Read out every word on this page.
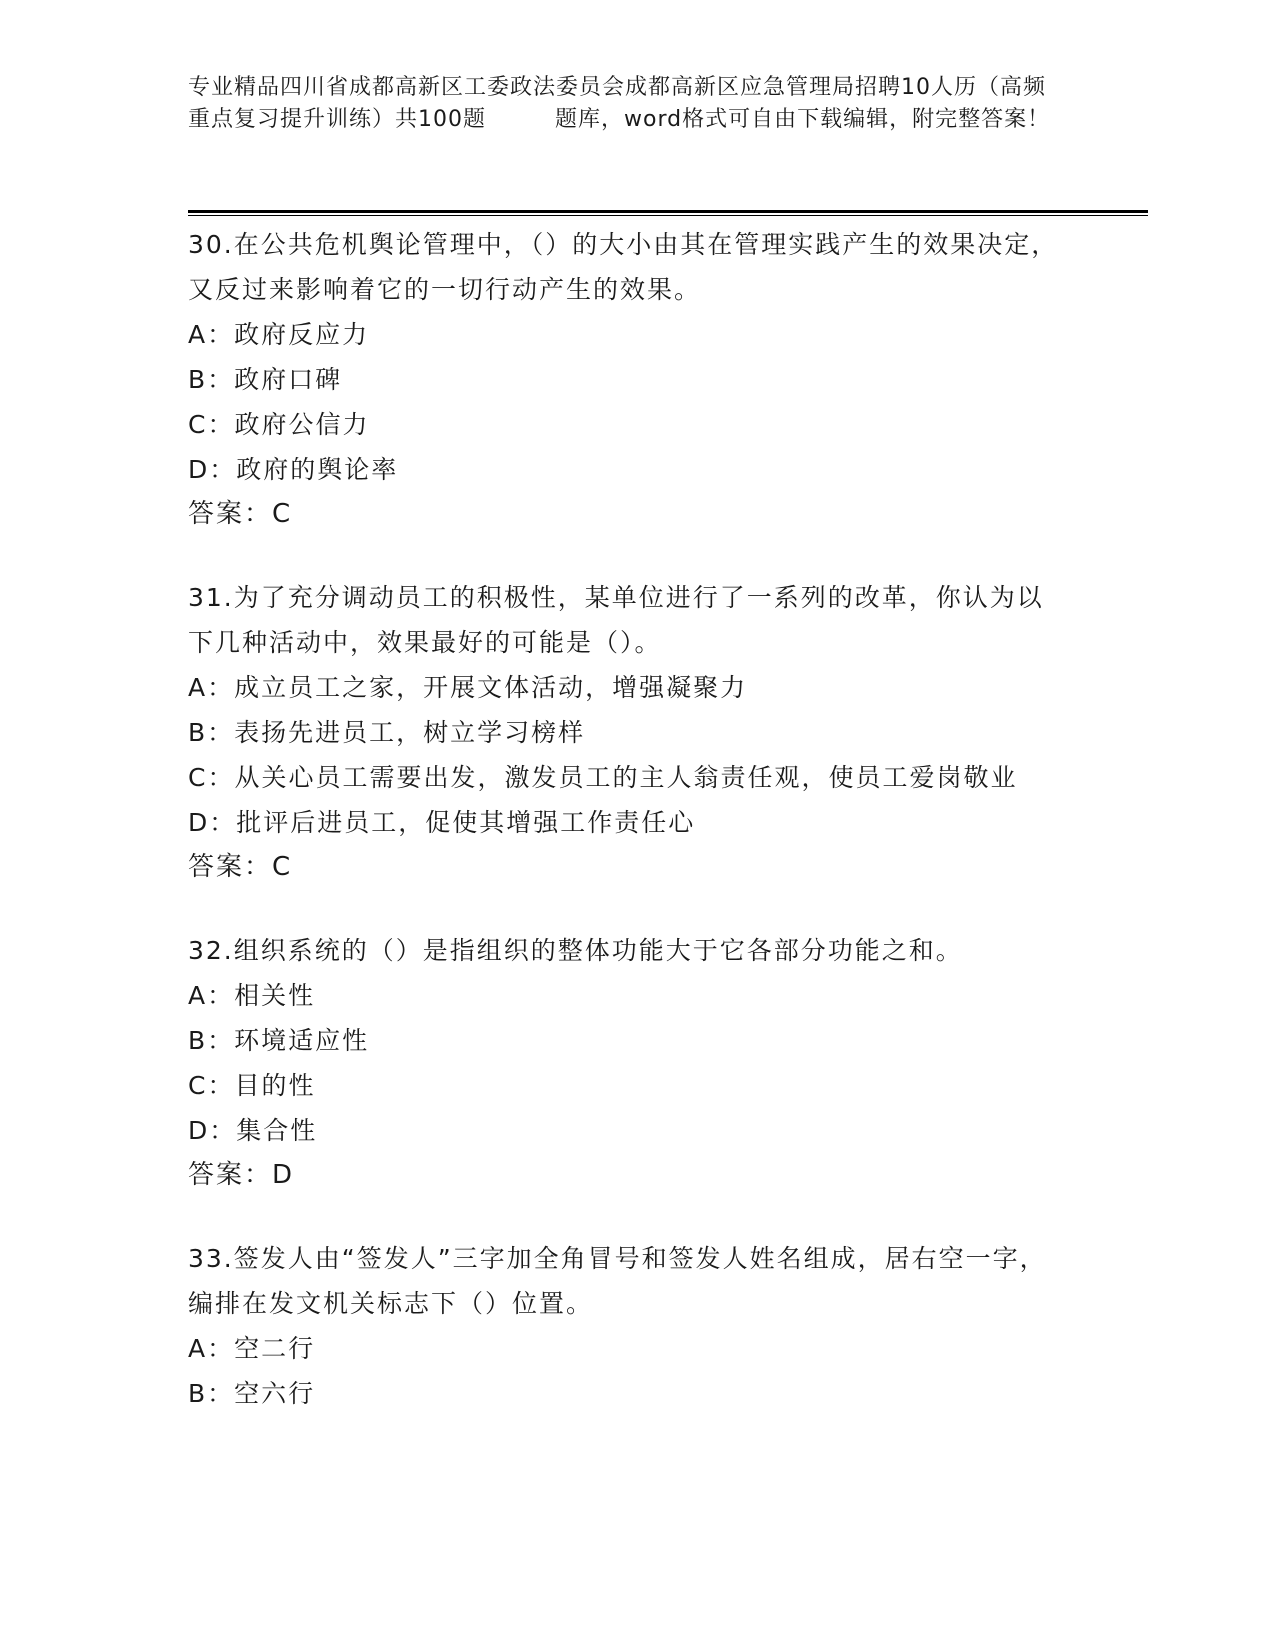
专业精品四川省成都高新区工委政法委员会成都高新区应急管理局招聘10人历（高频重点复习提升训练）共100题　　　题库，word格式可自由下载编辑，附完整答案！
30.在公共危机舆论管理中，（）的大小由其在管理实践产生的效果决定，又反过来影响着它的一切行动产生的效果。
A：政府反应力
B：政府口碑
C：政府公信力
D：政府的舆论率
答案：C
31.为了充分调动员工的积极性，某单位进行了一系列的改革，你认为以下几种活动中，效果最好的可能是（）。
A：成立员工之家，开展文体活动，增强凝聚力
B：表扬先进员工，树立学习榜样
C：从关心员工需要出发，激发员工的主人翁责任观，使员工爱岗敬业
D：批评后进员工，促使其增强工作责任心
答案：C
32.组织系统的（）是指组织的整体功能大于它各部分功能之和。
A：相关性
B：环境适应性
C：目的性
D：集合性
答案：D
33.签发人由“签发人”三字加全角冒号和签发人姓名组成，居右空一字，编排在发文机关标志下（）位置。
A：空二行
B：空六行
